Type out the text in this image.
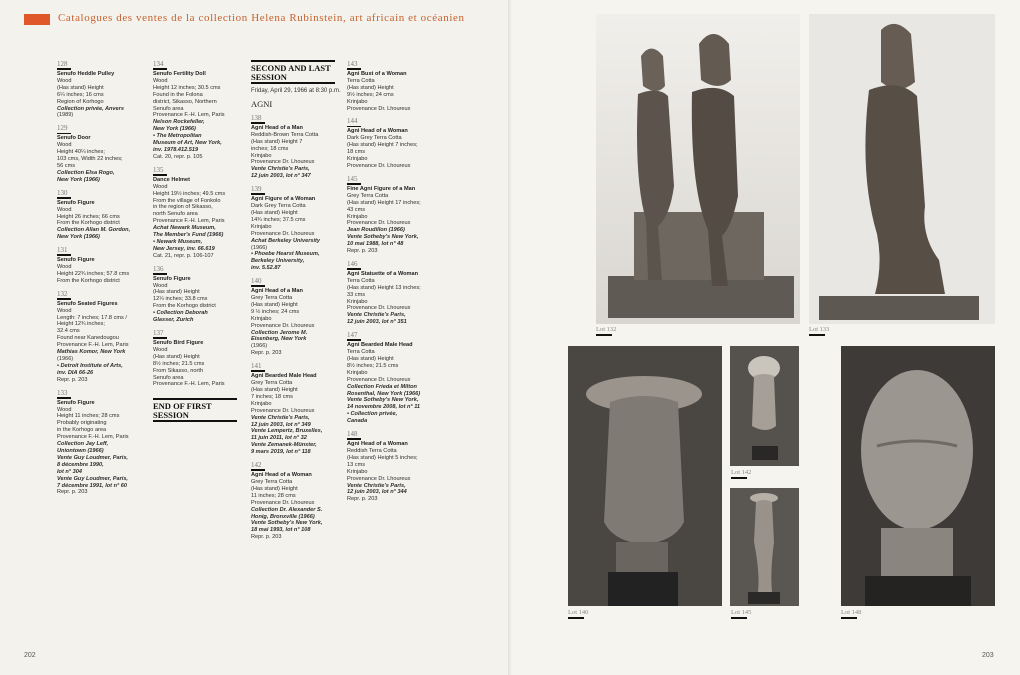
Catalogues des ventes de la collection Helena Rubinstein, art africain et océanien
128
Senufo Heddle Pulley
Wood
(Has stand) Height
6¼ inches; 16 cms
Region of Korhogo
Collection privée, Anvers
(1989)
129
Senufo Door
Wood
Height 40¼ inches;
103 cms, Width 22 inches;
56 cms
Collection Elsa Rogo,
New York (1966)
130
Senufo Figure
Wood
Height 26 inches; 66 cms
From the Korhogo district
Collection Allan M. Gordon,
New York (1966)
131
Senufo Figure
Wood
Height 22¾ inches; 57.8 cms
From the Korhogo district
132
Senufo Seated Figures
Wood
Length: 7 inches; 17.8 cms /
Height 12¾ inches;
32.4 cms
Found near Kanedougou
Provenance F.-H. Lem, Paris
Mathias Komor, New York
(1966)
• Detroit Institute of Arts,
inv. DIA 66-26
Repr. p. 203
133
Senufo Figure
Wood
Height 11 inches; 28 cms
Probably originating
in the Korhogo area
Provenance F.-H. Lem, Paris
Collection Jay Leff,
Uniontown (1966)
Vente Guy Loudmer, Paris,
8 décembre 1990,
lot n° 304
Vente Guy Loudmer, Paris,
7 décembre 1991, lot n° 60
Repr. p. 203
134
Senufo Fertility Doll
Wood
Height 12 inches; 30.5 cms
Found in the Folona
district, Sikasso, Northern
Senufo area
Provenance F.-H. Lem, Paris
Nelson Rockefeller,
New York (1966)
• The Metropolitan
Museum of Art, New York,
inv. 1978.412.519
Cat. 20, repr. p. 105
135
Dance Helmet
Wood
Height 19½ inches; 49.5 cms
From the village of Fonkolo
in the region of Sikasso,
north Senufo area
Provenance F.-H. Lem, Paris
Achat Newark Museum,
The Member's Fund (1966)
• Newark Museum,
New Jersey, inv. 66.619
Cat. 21, repr. p. 106-107
136
Senufo Figure
Wood
(Has stand) Height
12¼ inches; 33.8 cms
From the Korhogo district
• Collection Deborah
Glasser, Zurich
137
Senufo Bird Figure
Wood
(Has stand) Height
8½ inches; 21.5 cms
From Sikasso, north
Senufo area
Provenance F.-H. Lem, Paris
END OF FIRST SESSION
SECOND AND LAST SESSION
Friday, April 29, 1966 at 8:30 p.m.
AGNI
138
Agni Head of a Man
Reddish-Brown Terra Cotta
(Has stand) Height 7
inches; 18 cms
Krinjabo
Provenance Dr. Lhoureux
Vente Christie's Paris,
12 juin 2003, lot n° 347
139
Agni Figure of a Woman
Dark Grey Terra Cotta
(Has stand) Height
14¾ inches; 37.5 cms
Krinjabo
Provenance Dr. Lhoureux
Achat Berkeley University
(1966)
• Phoebe Hearst Museum,
Berkeley University,
inv. 5.52.87
140
Agni Head of a Man
Grey Terra Cotta
(Has stand) Height
9 ½ inches; 24 cms
Krinjabo
Provenance Dr. Lhoureux
Collection Jerome M.
Eisenberg, New York
(1966)
Repr. p. 203
141
Agni Bearded Male Head
Grey Terra Cotta
(Has stand) Height
7 inches; 18 cms
Krinjabo
Provenance Dr. Lhoureux
Vente Christie's Paris,
12 juin 2003, lot n° 349
Vente Lempertz, Bruxelles,
11 juin 2011, lot n° 32
Vente Zemanek-Münster,
9 mars 2019, lot n° 118
142
Agni Head of a Woman
Grey Terra Cotta
(Has stand) Height
11 inches; 28 cms
Provenance Dr. Lhoureux
Collection Dr. Alexander S.
Honig, Bronxville (1966)
Vente Sotheby's New York,
18 mai 1993, lot n° 108
Repr. p. 203
143
Agni Bust of a Woman
Terra Cotta
(Has stand) Height
9½ inches; 24 cms
Krinjabo
Provenance Dr. Lhoureux
144
Agni Head of a Woman
Dark Grey Terra Cotta
(Has stand) Height 7 inches;
18 cms
Krinjabo
Provenance Dr. Lhoureux
145
Fine Agni Figure of a Man
Grey Terra Cotta
(Has stand) Height 17 inches;
43 cms
Krinjabo
Provenance Dr. Lhoureux
Jean Roudillon (1966)
Vente Sotheby's New York,
10 mai 1988, lot n° 48
Repr. p. 203
146
Agni Statuette of a Woman
Terra Cotta
(Has stand) Height 13 inches;
33 cms
Krinjabo
Provenance Dr. Lhoureux
Vente Christie's Paris,
12 juin 2003, lot n° 351
147
Agni Bearded Male Head
Terra Cotta
(Has stand) Height
8½ inches; 21.5 cms
Krinjabo
Provenance Dr. Lhoureux
Collection Frieda et Milton
Rosenthal, New York (1966)
Vente Sotheby's New York,
14 novembre 2008, lot n° 11
• Collection privée,
Canada
148
Agni Head of a Woman
Reddish Terra Cotta
(Has stand) Height 5 inches;
13 cms
Krinjabo
Provenance Dr. Lhoureux
Vente Christie's Paris,
12 juin 2003, lot n° 344
Repr. p. 203
Lot 132	Lot 133
Lot 140
Lot 142
Lot 145	Lot 148
202	203
